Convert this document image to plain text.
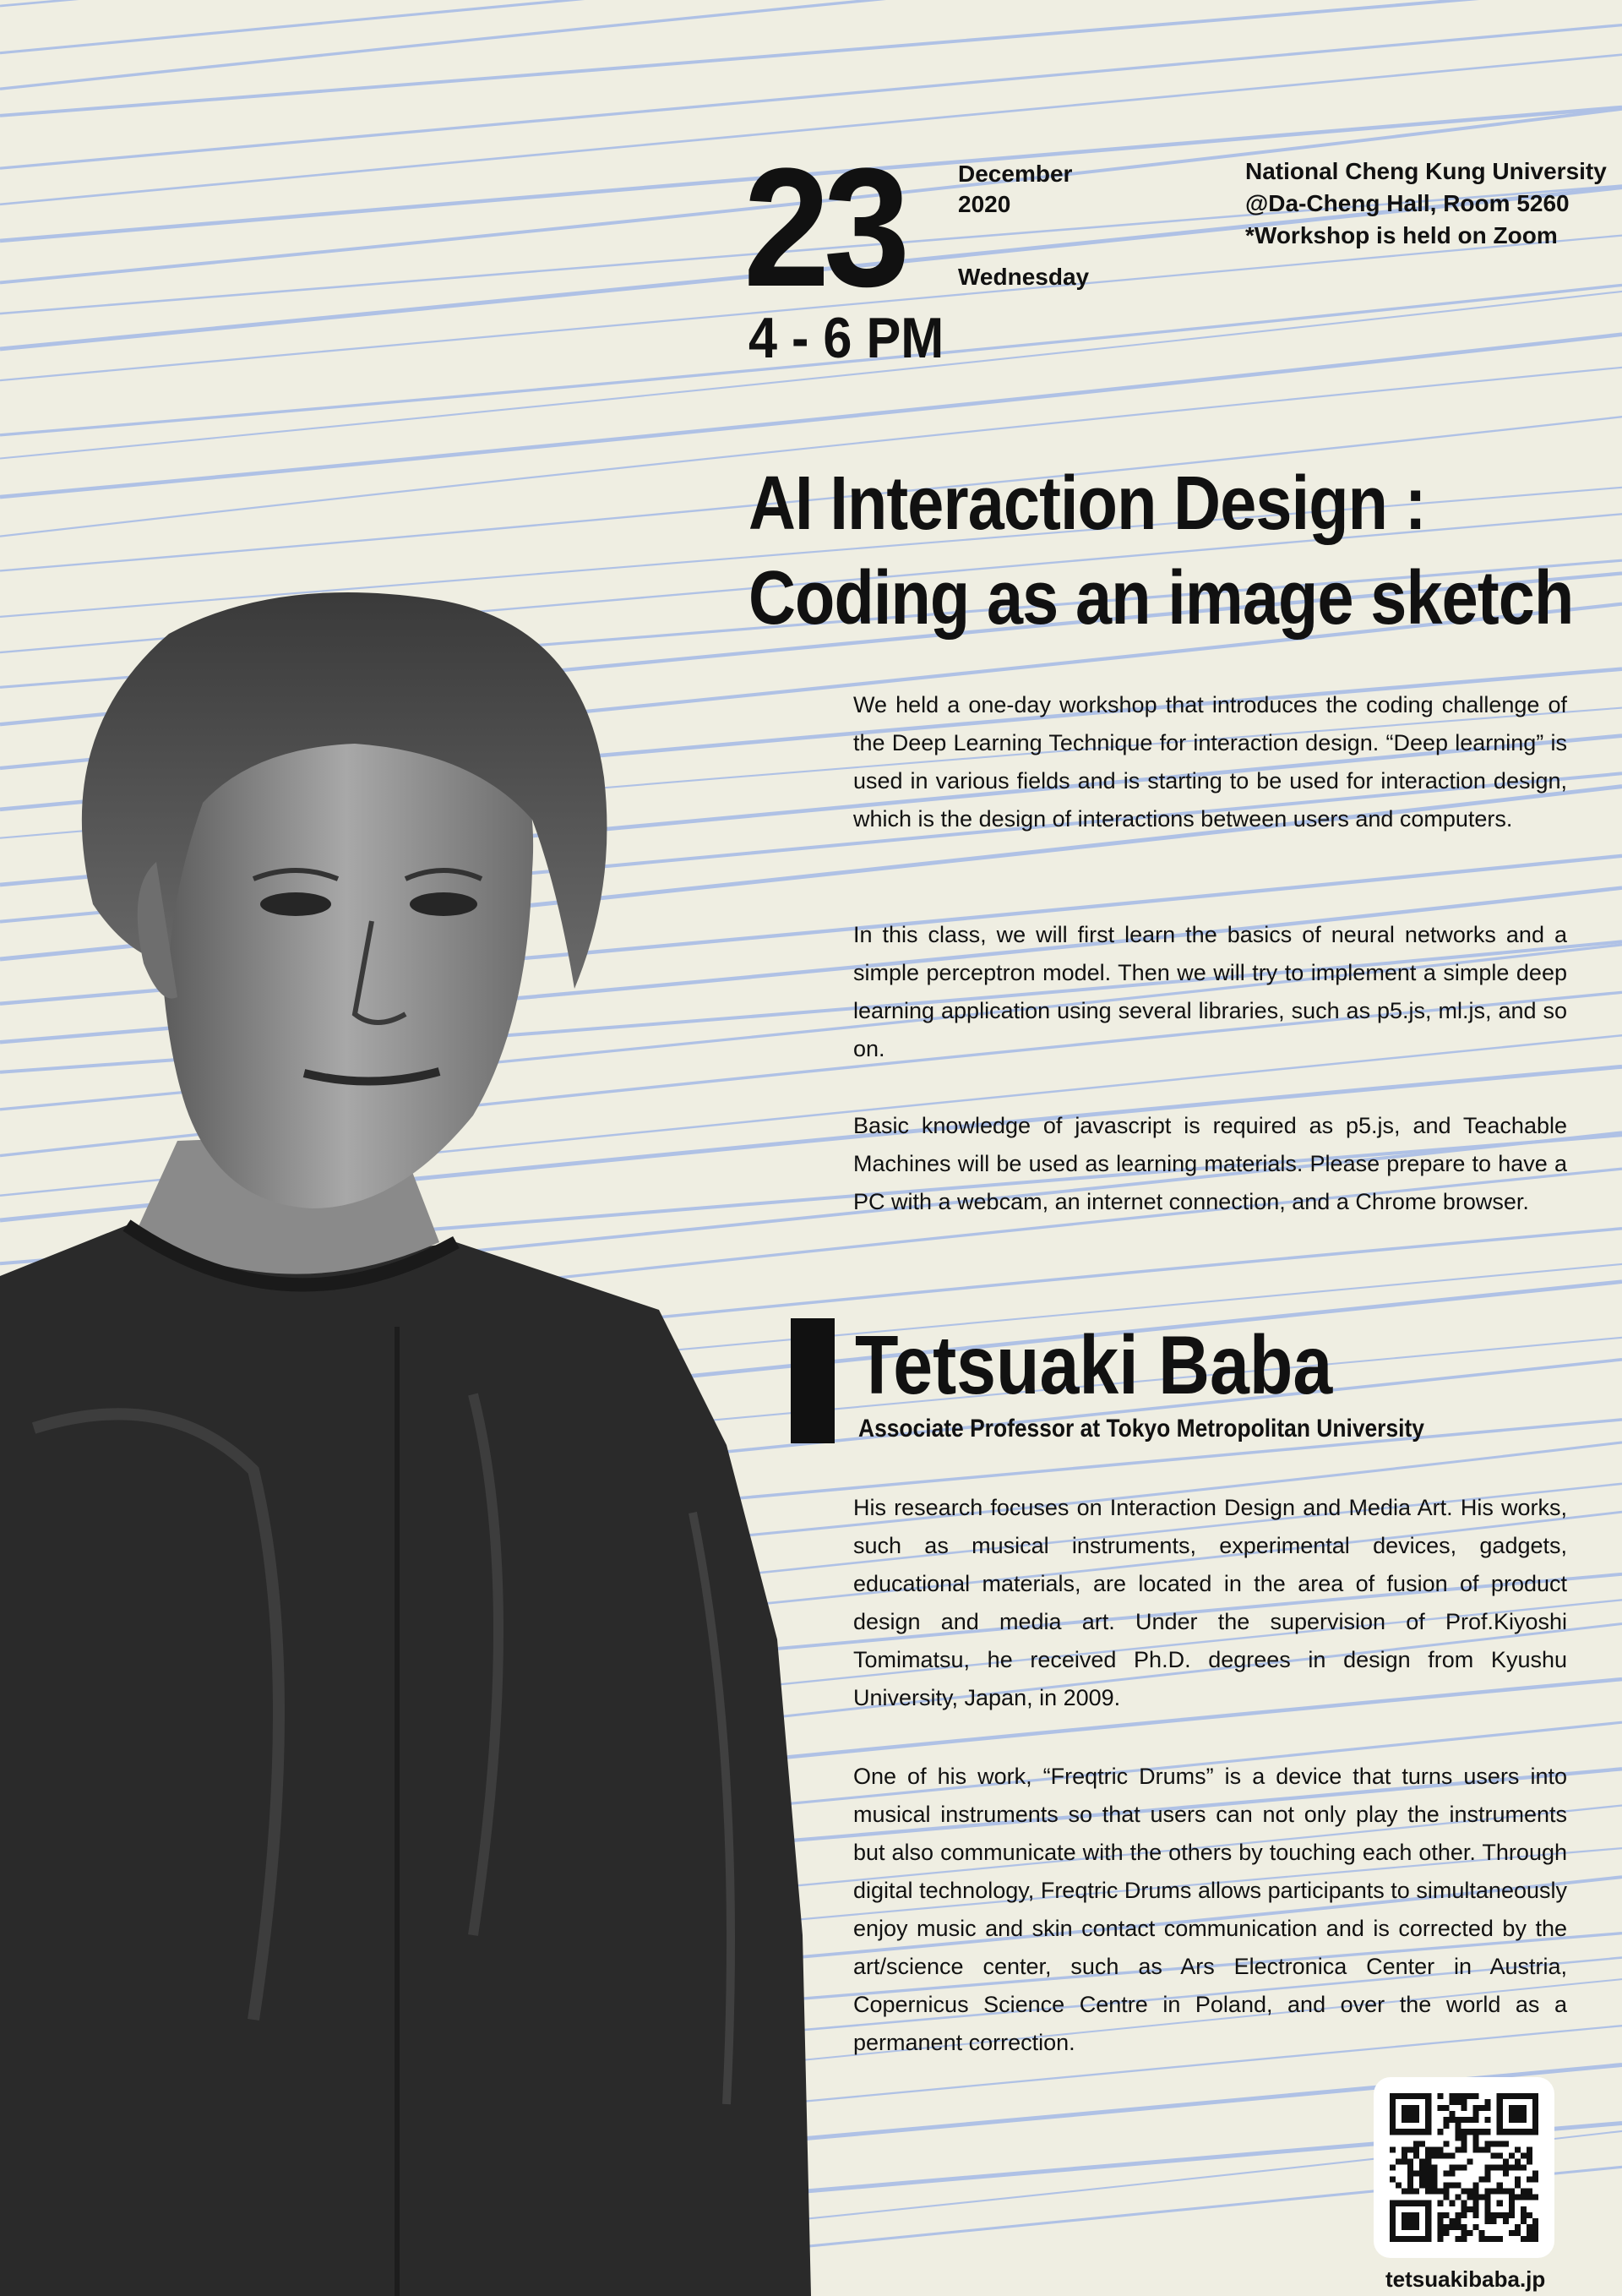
23 December
2020
Wednesday
4 - 6 PM
National Cheng Kung University
@Da-Cheng Hall, Room 5260
*Workshop is held on Zoom
AI Interaction Design :
Coding as an image sketch
We held a one-day workshop that introduces the coding challenge of the Deep Learning Technique for interaction design. “Deep learning” is used in various fields and is starting to be used for interaction design, which is the design of interactions between users and computers.
In this class, we will first learn the basics of neural networks and a simple perceptron model. Then we will try to implement a simple deep learning application using several libraries, such as p5.js, ml.js, and so on.
Basic knowledge of javascript is required as p5.js, and Teachable Machines will be used as learning materials. Please prepare to have a PC with a webcam, an internet connection, and a Chrome browser.
Tetsuaki Baba
Associate Professor at Tokyo Metropolitan University
His research focuses on Interaction Design and Media Art. His works, such as musical instruments, experimental devices, gadgets, educational materials, are located in the area of fusion of product design and media art. Under the supervision of Prof.Kiyoshi Tomimatsu, he received Ph.D. degrees in design from Kyushu University, Japan, in 2009.
One of his work, “Freqtric Drums” is a device that turns users into musical instruments so that users can not only play the instruments but also communicate with the others by touching each other. Through digital technology, Freqtric Drums allows participants to simultaneously enjoy music and skin contact communication and is corrected by the art/science center, such as Ars Electronica Center in Austria, Copernicus Science Centre in Poland, and over the world as a permanent correction.
tetsuakibaba.jp
